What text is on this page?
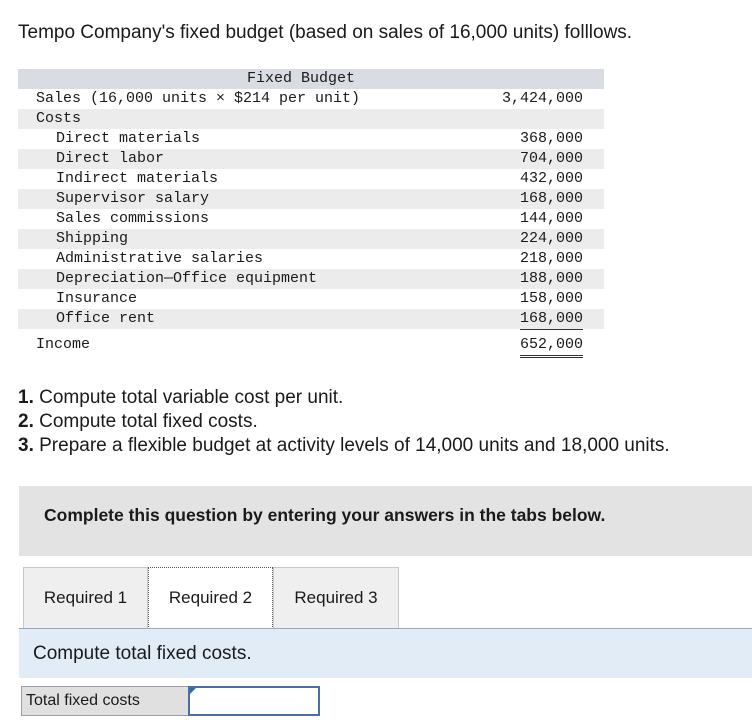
Tempo Company's fixed budget (based on sales of 16,000 units) folllows.
Fixed Budget
Sales (16,000 units × $214 per unit)	3,424,000
Costs
Direct materials	368,000
Direct labor	704,000
Indirect materials	432,000
Supervisor salary	168,000
Sales commissions	144,000
Shipping	224,000
Administrative salaries	218,000
Depreciation—Office equipment	188,000
Insurance	158,000
Office rent	168,000
Income	652,000
1. Compute total variable cost per unit.
2. Compute total fixed costs.
3. Prepare a flexible budget at activity levels of 14,000 units and 18,000 units.
Complete this question by entering your answers in the tabs below.
Required 1	Required 2	Required 3
Compute total fixed costs.
Total fixed costs
